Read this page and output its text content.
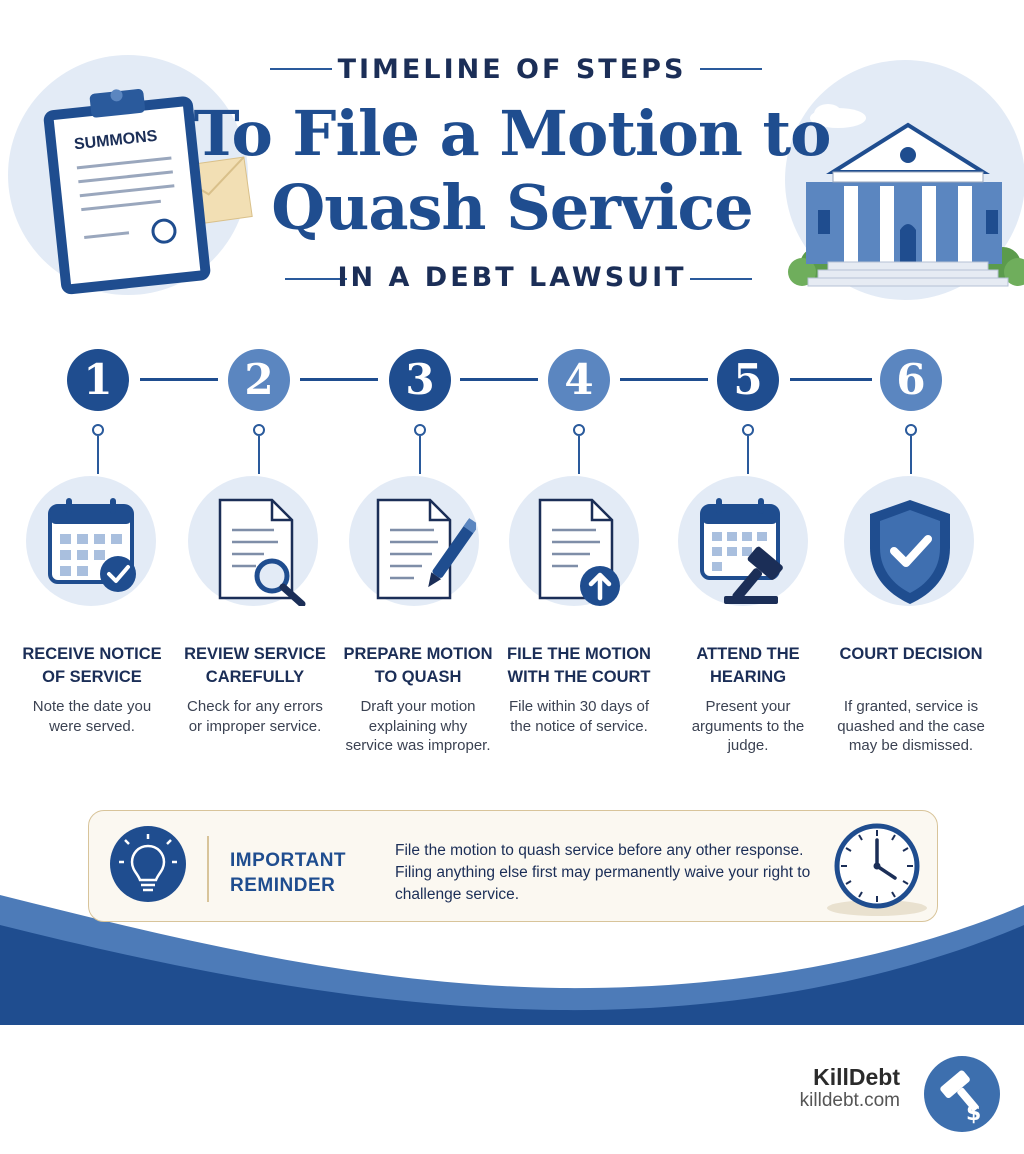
SUMMONS
TIMELINE OF STEPS
To File a Motion to
Quash Service
IN A DEBT LAWSUIT
1
RECEIVE NOTICE
OF SERVICE
Note the date you were served.
2
REVIEW SERVICE
CAREFULLY
Check for any errors or improper service.
3
PREPARE MOTION
TO QUASH
Draft your motion explaining why service was improper.
4
FILE THE MOTION
WITH THE COURT
File within 30 days of the notice of service.
5
ATTEND THE
HEARING
Present your arguments to the judge.
6
COURT DECISION

If granted, service is quashed and the case may be dismissed.
IMPORTANT
REMINDER
File the motion to quash service before any other response. Filing anything else first may permanently waive your right to challenge service.
KillDebt
killdebt.com
$
